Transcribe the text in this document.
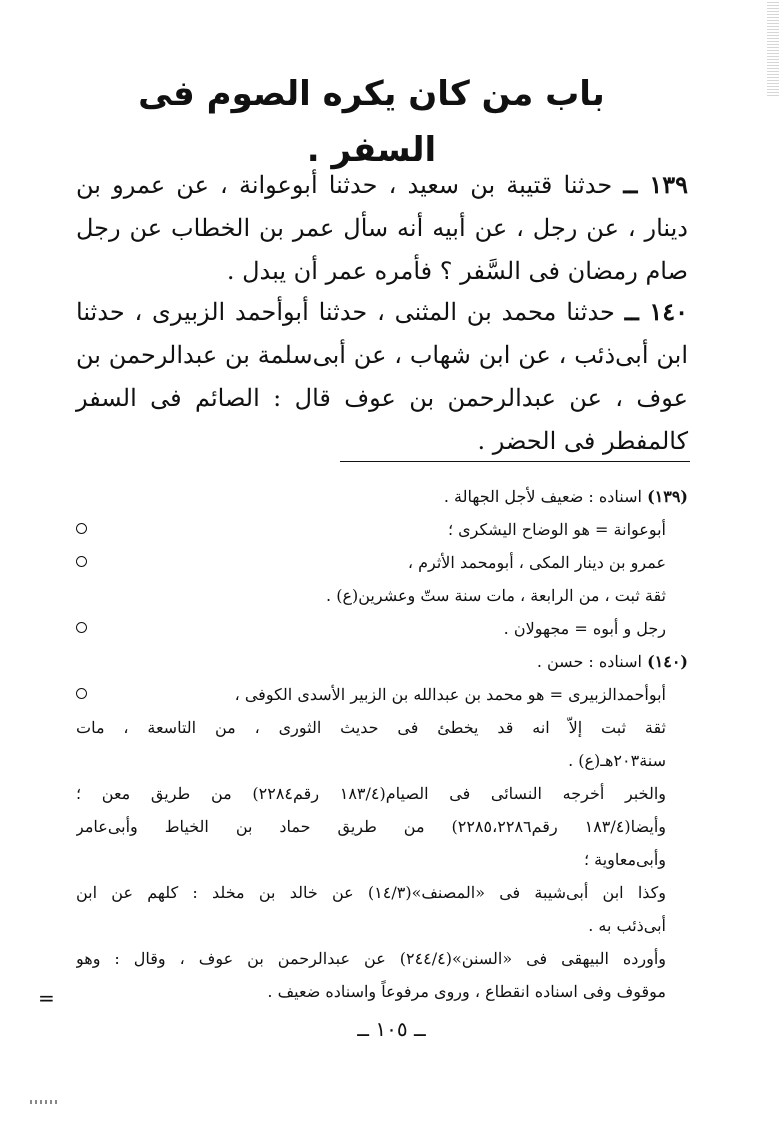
باب من كان يكره الصوم فى السفر .

١٣٩ ــ حدثنا قتيبة بن سعيد ، حدثنا أبوعوانة ، عن عمرو بن دينار ، عن رجل ، عن أبيه أنه سأل عمر بن الخطاب عن رجل صام رمضان فى السَّفر ؟ فأمره عمر أن يبدل .

١٤٠ ــ حدثنا محمد بن المثنى ، حدثنا أبوأحمد الزبيرى ، حدثنا ابن أبى‌ذئب ، عن ابن شهاب ، عن أبى‌سلمة بن عبدالرحمن بن عوف ، عن عبدالرحمن بن عوف قال : الصائم فى السفر كالمفطر فى الحضر .

(١٣٩) اسناده : ضعيف لأجل الجهالة .
أبوعوانة = هو الوضاح اليشكرى ؛
عمرو بن دينار المكى ، أبومحمد الأثرم ،
ثقة ثبت ، من الرابعة ، مات سنة ستّ وعشرين(ع) .
رجل و أبوه = مجهولان .
(١٤٠) اسناده : حسن .
أبوأحمدالزبيرى = هو محمد بن عبدالله بن الزبير الأسدى الكوفى ،
ثقة ثبت إلاّ انه قد يخطئ فى حديث الثورى ، من التاسعة ، مات
سنة٢٠٣هـ(ع) .
والخبر أخرجه النسائى فى الصيام(١٨٣/٤ رقم٢٢٨٤) من طريق معن ؛
وأيضا(١٨٣/٤ رقم٢٢٨٥،٢٢٨٦) من طريق حماد بن الخياط وأبى‌عامر
وأبى‌معاوية ؛
وكذا ابن أبى‌شيبة فى «المصنف»(١٤/٣) عن خالد بن مخلد : كلهم عن ابن
أبى‌ذئب به .
وأورده البيهقى فى «السنن»(٢٤٤/٤) عن عبدالرحمن بن عوف ، وقال : وهو
موقوف وفى اسناده انقطاع ، وروى مرفوعاً واسناده ضعيف .
=

ــ ١٠٥ ــ
